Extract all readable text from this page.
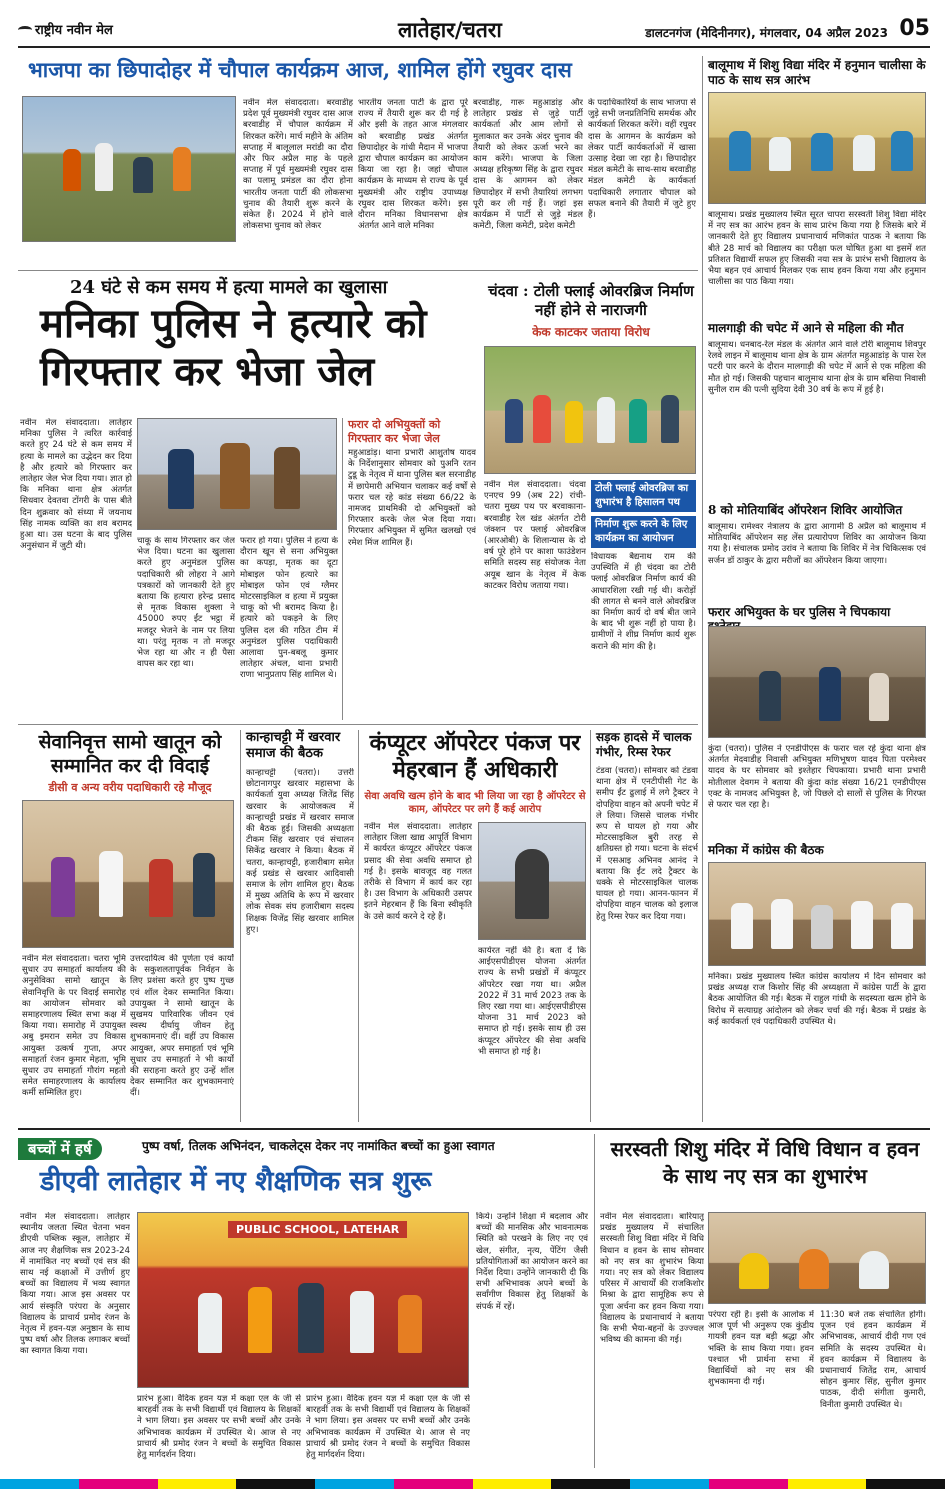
राष्ट्रीय नवीन मेल	लातेहार/चतरा	डालटनगंज (मेदिनीनगर), मंगलवार, 04 अप्रैल 2023 05
भाजपा का छिपादोहर में चौपाल कार्यक्रम आज, शामिल होंगे रघुवर दास
नवीन मेल संवाददाता। बरवाडीह प्रदेश पूर्व मुख्यमंत्री रघुवर दास आज बरवाडीह में चौपाल कार्यक्रम में शिरकत करेंगे। मार्च महीने के अंतिम सप्ताह में बालूलाल मरांडी का दौरा और फिर अप्रैल माह के पहले सप्ताह में पूर्व मुख्यमंत्री रघुवर दास का पलामू प्रमंडल का दौरा होना भारतीय जनता पार्टी की लोकसभा चुनाव की तैयारी शुरू करने के संकेत हैं। 2024 में होने वाले लोकसभा चुनाव को लेकर
भारतीय जनता पार्टी के द्वारा पूरे राज्य में तैयारी शुरू कर दी गई है और इसी के तहत आज मंगलवार को बरवाडीह प्रखंड अंतर्गत छिपादोहर के गांधी मैदान में भाजपा द्वारा चौपाल कार्यक्रम का आयोजन किया जा रहा है। जहां चौपाल कार्यक्रम के माध्यम से राज्य के पूर्व मुख्यमंत्री और राष्ट्रीय उपाध्यक्ष रघुवर दास शिरकत करेंगे। इस दौरान मनिका विधानसभा क्षेत्र अंतर्गत आने वाले मनिका
बरवाडीह, गारू महुआडांड़ और लातेहार प्रखंड से जुड़े पार्टी कार्यकर्ता और आम लोगों से मुलाकात कर उनके अंदर चुनाव की तैयारी को लेकर ऊर्जा भरने का काम करेंगे। भाजपा के जिला अध्यक्ष हरिकृष्ण सिंह के द्वारा रघुवर दास के आगमन को लेकर छिपादोहर में सभी तैयारियां लगभग पूरी कर ली गई हैं। जहां इस कार्यक्रम में पार्टी से जुड़े मंडल कमेटी, जिला कमेटी, प्रदेश कमेटी
के पदाधिकारियों के साथ भाजपा से जुड़े सभी जनप्रतिनिधि समर्थक और कार्यकर्ता शिरकत करेंगे। वहीं रघुवर दास के आगमन के कार्यक्रम को लेकर पार्टी कार्यकर्ताओं में खासा उत्साह देखा जा रहा है। छिपादोहर मंडल कमेटी के साथ-साथ बरवाडीह मंडल कमेटी के कार्यकर्ता पदाधिकारी लगातार चौपाल को सफल बनाने की तैयारी में जुटे हुए हैं।
24 घंटे से कम समय में हत्या मामले का खुलासा
मनिका पुलिस ने हत्यारे को गिरफ्तार कर भेजा जेल
नवीन मेल संवाददाता। लातेहार मनिका पुलिस ने त्वरित कार्रवाई करते हुए 24 घंटे से कम समय में हत्या के मामले का उद्भेदन कर दिया है और हत्यारे को गिरफ्तार कर लातेहार जेल भेज दिया गया। ज्ञात हो कि मनिका थाना क्षेत्र अंतर्गत सिधवार देवतवा टोंगरी के पास बीते दिन शुक्रवार को संध्या में जयनाथ सिंह नामक व्यक्ति का शव बरामद हुआ था। उस घटना के बाद पुलिस अनुसंधान में जुटी थी।
चाकू के साथ गिरफ्तार कर जेल भेज दिया। घटना का खुलासा करते हुए अनुमंडल पुलिस पदाधिकारी श्री लोहरा ने आगे पत्रकारों को जानकारी देते हुए बताया कि हत्यारा हरेन्द्र प्रसाद से मृतक विकास शुक्ला ने 45000 रुपए ईंट भट्ठा में मजदूर भेजने के नाम पर लिया था। परंतु मृतक न तो मजदूर भेज रहा था और न ही पैसा वापस कर रहा था।
फरार हो गया। पुलिस ने हत्या के दौरान खून से सना अभियुक्त का कपड़ा, मृतक का दूटा मोबाइल फोन हत्यारे का मोबाइल फोन एवं ग्लैमर मोटरसाइकिल व हत्या में प्रयुक्त चाकू को भी बरामद किया है। हत्यारे को पकड़ने के लिए पुलिस दल की गठित टीम में अनुमंडल पुलिस पदाधिकारी आलावा पुन-बबलू कुमार लातेहार अंचल, थाना प्रभारी राणा भानुप्रताप सिंह शामिल थे।
फरार दो अभियुक्तों को गिरफ्तार कर भेजा जेल
महुआडांड़। थाना प्रभारी आशुतोष यादव के निर्देशानुसार सोमवार को पुअनि रतन टुडू के नेतृत्व में थाना पुलिस बल सरनाडीह में छापेमारी अभियान चलाकर कई वर्षों से फरार चल रहे कांड संख्या 66/22 के नामजद प्राथमिकी दो अभियुक्तों को गिरफ्तार करके जेल भेज दिया गया। गिरफ्तार अभियुक्त में सुमित खलखो एवं रमेश मिंज शामिल हैं।
चंदवा : टोली फ्लाई ओवरब्रिज निर्माण नहीं होने से नाराजगी
केक काटकर जताया विरोध
नवीन मेल संवाददाता। चंदवा एनएच 99 (अब 22) रांची-चतरा मुख्य पथ पर बरवाकाना-बरवाडीह रेल खंड अंतर्गत टोरी जंक्शन पर फ्लाई ओवरब्रिज (आरओबी) के शिलान्यास के दो वर्ष पूरे होने पर काशा फाउंडेशन समिति सदस्य सह संयोजक नेता अयूब खान के नेतृत्व में केक काटकर विरोध जताया गया।
टोली फ्लाई ओवरब्रिज का शुभारंभ है हिसालन पथ
निर्माण शुरू करने के लिए कार्यक्रम का आयोजन
विधायक बैद्यनाथ राम की उपस्थिति में ही चंदवा का टोरी फ्लाई ओवरब्रिज निर्माण कार्य की आधारशिला रखी गई थी। करोड़ों की लागत से बनने वाले ओवरब्रिज का निर्माण कार्य दो वर्ष बीत जाने के बाद भी शुरू नहीं हो पाया है। ग्रामीणों ने शीघ्र निर्माण कार्य शुरू कराने की मांग की है।
सेवानिवृत्त सामो खातून को सम्मानित कर दी विदाई
डीसी व अन्य वरीय पदाधिकारी रहे मौजूद
नवीन मेल संवाददाता। चतरा भूमि सुधार उप समाहर्ता कार्यालय की अनुसेविका सामो खातून के सेवानिवृत्ति के पर विदाई समारोह का आयोजन सोमवार को समाहरणालय स्थित सभा कक्ष में किया गया। समारोह में उपायुक्त अबु इमरान समेत उप विकास आयुक्त उत्कर्ष गुप्ता, अपर समाहर्ता रंजन कुमार मेहता, भूमि सुधार उप समाहर्ता गौरांग महतो समेत समाहरणालय के कार्यालय कर्मी सम्मिलित हुए।
उत्तरदायित्व की पूर्णता एवं कार्यों के सकुशलतापूर्वक निर्वहन के लिए प्रशंसा करते हुए पुष्प गुच्छ एवं शॉल देकर सम्मानित किया। उपायुक्त ने सामो खातून के सुखमय पारिवारिक जीवन एवं स्वस्थ दीर्घायु जीवन हेतु शुभकामनाएं दीं। वहीं उप विकास आयुक्त, अपर समाहर्ता एवं भूमि सुधार उप समाहर्ता ने भी कार्यों की सराहना करते हुए उन्हें शॉल देकर सम्मानित कर शुभकामनाएं दीं।
कान्हाचट्टी में खरवार समाज की बैठक
कान्हाचट्टी (चतरा)। उत्तरी छोटानागपुर खरवार महासभा के कार्यकर्ता युवा अध्यक्ष जितेंद्र सिंह खरवार के आयोजकत्व में कान्हाचट्टी प्रखंड में खरवार समाज की बैठक हुई। जिसकी अध्यक्षता टीकम सिंह खरवार एवं संचालन सिकेंद्र खरवार ने किया। बैठक में चतरा, कान्हाचट्टी, हजारीबाग समेत कई प्रखंड से खरवार आदिवासी समाज के लोग शामिल हुए। बैठक में मुख्य अतिथि के रूप में खरवार लोक सेवक संघ हजारीबाग सदस्य शिक्षक विजेंद्र सिंह खरवार शामिल हुए।
कंप्यूटर ऑपरेटर पंकज पर मेहरबान हैं अधिकारी
सेवा अवधि खत्म होने के बाद भी लिया जा रहा है ऑपरेटर से काम, ऑपरेटर पर लगे हैं कई आरोप
नवीन मेल संवाददाता। लातेहार लातेहार जिला खाद्य आपूर्ति विभाग में कार्यरत कंप्यूटर ऑपरेटर पंकज प्रसाद की सेवा अवधि समाप्त हो गई है। इसके बावजूद वह गलत तरीके से विभाग में कार्य कर रहा है। उस विभाग के अधिकारी उसपर इतने मेहरबान हैं कि बिना स्वीकृति के उसे कार्य करने दे रहे हैं।
कार्यरत नहीं की है। बता दें कि आईएसपीडीएस योजना अंतर्गत राज्य के सभी प्रखंडों में कंप्यूटर ऑपरेटर रखा गया था। अप्रैल 2022 में 31 मार्च 2023 तक के लिए रखा गया था। आईएसपीडीएस योजना 31 मार्च 2023 को समाप्त हो गई। इसके साथ ही उस कंप्यूटर ऑपरेटर की सेवा अवधि भी समाप्त हो गई है।
सड़क हादसे में चालक गंभीर, रिम्स रेफर
टंडवा (चतरा)। सोमवार को टंडवा थाना क्षेत्र में एनटीपीसी गेट के समीप ईंट ढुलाई में लगे ट्रैक्टर ने दोपहिया वाहन को अपनी चपेट में ले लिया। जिससे चालक गंभीर रूप से घायल हो गया और मोटरसाइकिल बुरी तरह से क्षतिग्रस्त हो गया। घटना के संदर्भ में एसआइ अभिनव आनंद ने बताया कि ईंट लदे ट्रैक्टर के धक्के से मोटरसाइकिल चालक घायल हो गया। आनन-फानन में दोपहिया वाहन चालक को इलाज हेतु रिम्स रेफर कर दिया गया।
बालूमाथ में शिशु विद्या मंदिर में हनुमान चालीसा के पाठ के साथ सत्र आरंभ
बालूमाथ। प्रखंड मुख्यालय स्थित सूरत चापरा सरस्वती शिशु विद्या मंदिर में नए सत्र का आरंभ हवन के साथ प्रारंभ किया गया है जिसके बारे में जानकारी देते हुए विद्यालय प्रधानाचार्य मणिकांत पाठक ने बताया कि बीते 28 मार्च को विद्यालय का परीक्षा फल घोषित हुआ था इसमें शत प्रतिशत विद्यार्थी सफल हुए जिसकी नया सत्र के प्रारंभ सभी विद्यालय के भैया बहन एवं आचार्य मिलकर एक साथ हवन किया गया और हनुमान चालीसा का पाठ किया गया।
मालगाड़ी की चपेट में आने से महिला की मौत
बालूमाथ। धनबाद-रेल मंडल के अंतर्गत आने वाले टोरी बालूमाथ शिवपुर रेलवे लाइन में बालूमाथ थाना क्षेत्र के ग्राम अंतर्गत महुआडांड़ के पास रेल पटरी पार करने के दौरान मालगाड़ी की चपेट में आने से एक महिला की मौत हो गई। जिसकी पहचान बालूमाथ थाना क्षेत्र के ग्राम बसिया निवासी सुनील राम की पत्नी सुदिया देवी 30 वर्ष के रूप में हुई है।
8 को मोतियाबिंद ऑपरेशन शिविर आयोजित
बालूमाथ। रामेश्वर नेत्रालय के द्वारा आगामी 8 अप्रैल को बालूमाथ में मोतियाबिंद ऑपरेशन सह लेंस प्रत्यारोपण शिविर का आयोजन किया गया है। संचालक प्रमोद उरांव ने बताया कि शिविर में नेत्र चिकित्सक एवं सर्जन डॉ ठाकुर के द्वारा मरीजों का ऑपरेशन किया जाएगा।
फरार अभियुक्त के घर पुलिस ने चिपकाया
कुंदा (चतरा)। पुलिस ने एनडीपीएस के फरार चल रहे कुंदा थाना क्षेत्र अंतर्गत मेदवाडीह निवासी अभियुक्त मणिभूषण यादव पिता परमेश्वर यादव के घर सोमवार को इश्तेहार चिपकाया। प्रभारी थाना प्रभारी मोतीलाल देवगम ने बताया की कुंदा कांड संख्या 16/21 एनडीपीएस एक्ट के नामजद अभियुक्त है, जो पिछले दो सालों से पुलिस के गिरफ्त से फरार चल रहा है।
मनिका में कांग्रेस की बैठक
मनिका। प्रखंड मुख्यालय स्थित कांग्रेस कार्यालय में दिन सोमवार को प्रखंड अध्यक्ष राज किशोर सिंह की अध्यक्षता में कांग्रेस पार्टी के द्वारा बैठक आयोजित की गई। बैठक में राहुल गांधी के सदस्यता खत्म होने के विरोध में सत्याग्रह आंदोलन को लेकर चर्चा की गई। बैठक में प्रखंड के कई कार्यकर्ता एवं पदाधिकारी उपस्थित थे।
बच्चों में हर्ष	पुष्प वर्षा, तिलक अभिनंदन, चाकलेट्स देकर नए नामांकित बच्चों का हुआ स्वागत
डीएवी लातेहार में नए शैक्षणिक सत्र शुरू
नवीन मेल संवाददाता। लातेहार स्थानीय जलता स्थित चेतना भवन डीएवी पब्लिक स्कूल, लातेहार में आज नए शैक्षणिक सत्र 2023-24 में नामांकित नए बच्चों एवं सत्र की साथ नई कक्षाओं में उत्तीर्ण हुए बच्चों का विद्यालय में भव्य स्वागत किया गया। आज इस अवसर पर आर्य संस्कृति परंपरा के अनुसार विद्यालय के प्राचार्य प्रमोद रंजन के नेतृत्व में हवन-यज्ञ अनुष्ठान के साथ पुष्प वर्षा और तिलक लगाकर बच्चों का स्वागत किया गया।
PUBLIC SCHOOL, LATEHAR
प्रारंभ हुआ। वैदिक हवन यज्ञ में कक्षा एल के जी से बारहवीं तक के सभी विद्यार्थी एवं विद्यालय के शिक्षकों ने भाग लिया। इस अवसर पर सभी बच्चों और उनके अभिभावक कार्यक्रम में उपस्थित थे। आज से नए प्राचार्य श्री प्रमोद रंजन ने बच्चों के समुचित विकास हेतु मार्गदर्शन दिया।
प्रारंभ हुआ। वैदिक हवन यज्ञ में कक्षा एल के जी से बारहवीं तक के सभी विद्यार्थी एवं विद्यालय के शिक्षकों ने भाग लिया। इस अवसर पर सभी बच्चों और उनके अभिभावक कार्यक्रम में उपस्थित थे। आज से नए प्राचार्य श्री प्रमोद रंजन ने बच्चों के समुचित विकास हेतु मार्गदर्शन दिया।
किये। उन्होंने शिक्षा में बदलाव और बच्चों की मानसिक और भावनात्मक स्थिति को परखने के लिए नए एवं खेल, संगीत, नृत्य, पेंटिंग जैसी प्रतियोगिताओं का आयोजन करने का निर्देश दिया। उन्होंने जानकारी दी कि सभी अभिभावक अपने बच्चों के सर्वांगीण विकास हेतु शिक्षकों के संपर्क में रहें।
सरस्वती शिशु मंदिर में विधि विधान व हवन के साथ नए सत्र का शुभारंभ
नवीन मेल संवाददाता। बारियातू प्रखंड मुख्यालय में संचालित सरस्वती शिशु विद्या मंदिर में विधि विधान व हवन के साथ सोमवार को नए सत्र का शुभारंभ किया गया। नए सत्र को लेकर विद्यालय परिसर में आचार्यों की राजकिशोर मिश्रा के द्वारा सामूहिक रूप से पूजा अर्चना कर हवन किया गया। विद्यालय के प्रधानाचार्य ने बताया कि सभी भैया-बहनों के उज्ज्वल भविष्य की कामना की गई।
परंपरा रही है। इसी के आलोक में आज पूर्ण भी अनुरूप एक कुंडीय गायत्री हवन यज्ञ बड़ी श्रद्धा और भक्ति के साथ किया गया। हवन पश्चात भी प्रार्थना सभा में विद्यार्थियों को नए सत्र की शुभकामना दी गई।
11:30 बजे तक संचालित होगी। पूजन एवं हवन कार्यक्रम में अभिभावक, आचार्य दीदी गण एवं समिति के सदस्य उपस्थित थे। हवन कार्यक्रम में विद्यालय के प्रधानाचार्य जितेंद्र राम, आचार्य सोहन कुमार सिंह, सुनील कुमार पाठक, दीदी संगीता कुमारी, विनीता कुमारी उपस्थित थे।
